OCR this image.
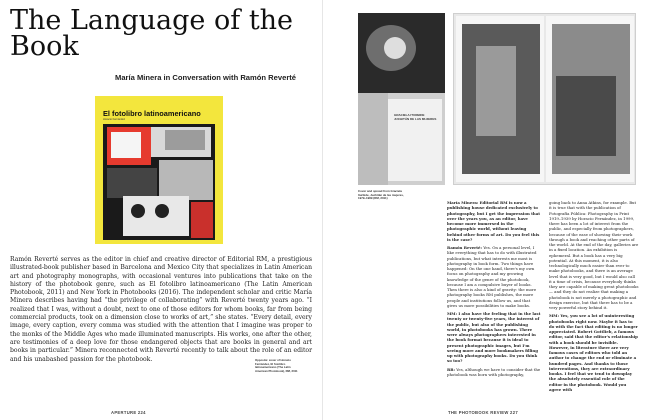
The Language of the Book
María Minera in Conversation with Ramón Reverté
El fotolibro latinoamericano
Horacio Fernández
Ramón Reverté serves as the editor in chief and creative director of Editorial RM, a prestigious illustrated-book publisher based in Barcelona and Mexico City that specializes in Latin American art and photography monographs, with occasional ventures into publications that take on the history of the photobook genre, such as El fotolibro latinoamericano (The Latin American Photobook, 2011) and New York in Photobooks (2016). The independent scholar and critic María Minera describes having had “the privilege of collaborating” with Reverté twenty years ago. “I realized that I was, without a doubt, next to one of those editors for whom books, far from being commercial products, took on a dimension close to works of art,” she states. “Every detail, every image, every caption, every comma was studied with the attention that I imagine was proper to the monks of the Middle Ages who made illuminated manuscripts. His works, one after the other, are testimonies of a deep love for those endangered objects that are books in general and art books in particular.” Minera reconnected with Reverté recently to talk about the role of an editor and his unabashed passion for the photobook.	Opposite: cover of Horacio Fernández, El fotolibro latinoamericano (The Latin American Photobook), RM, 2011
APERTURE 224
GRACIELA ITURBIDE JUCHITÁN DE LAS MUJERES
Cover and spread from Graciela Iturbide, Juchitán de las mujeres, 1979–1989 (RM, 2011)

María Minera: Editorial RM is now a publishing house dedicated exclusively to photography, but I get the impression that over the years you, as an editor, have become more immersed in the photographic world, without leaving behind other forms of art. Do you feel this is the case?

Ramón Reverté: Yes. On a personal level, I like everything that has to do with illustrated publications, but what interests me most is photography in book form. Two things have happened: On the one hand, there's my own focus on photography and my growing knowledge of the genre of the photobook, because I am a compulsive buyer of books. Then there is also a kind of gravity: the more photography books RM publishes, the more people and institutions follow us, and that gives us more possibilities to make books.

MM: I also have the feeling that in the last twenty or twenty-five years, the interest of the public, but also of the publishing world, in photobooks has grown. There were always photographers interested in the book format because it is ideal to present photographic images, but I'm seeing more and more bookmakers filling up with photography books. Do you think so too?

RR: Yes, although we have to consider that the photobook was born with photography,

going back to Anna Atkins, for example. But it is true that with the publication of Fotografía Pública: Photography in Print 1919–1939 by Horacio Fernández, in 1999, there has been a lot of interest from the public, and especially from photographers, because of the ease of showing their work through a book and reaching other parts of the world. At the end of the day, galleries are in a fixed location. An exhibition is ephemeral. But a book has a very big potential. At this moment, it is also technologically much easier than ever to make photobooks, and there is an average level that is very good, but I would also call it a time of crisis, because everybody thinks they are capable of making great photobooks — and they do not realize that making a photobook is not merely a photographic and design exercise, but that there has to be a very powerful story behind it.

MM: Yes, you see a lot of uninteresting photobooks right now. Maybe it has to do with the fact that editing is no longer appreciated. Robert Gottlieb, a famous editor, said that the editor's relationship with a book should be invisible. However, in literature there are very famous cases of editors who told an author to change the end or eliminate a hundred pages. And thanks to those interventions, they are extraordinary books. I feel that we tend to downplay the absolutely essential role of the editor in the photobook. Would you agree with

THE PHOTOBOOK REVIEW 227
